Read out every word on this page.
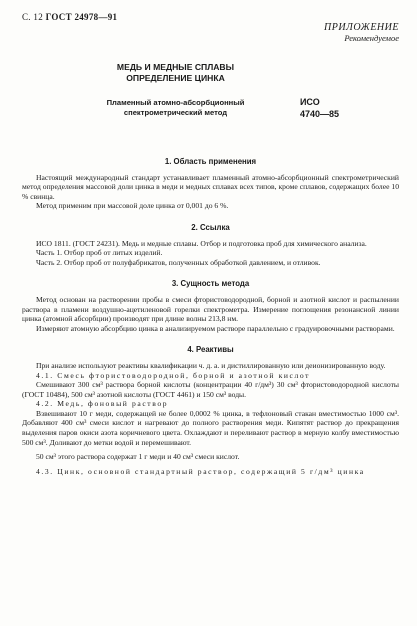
С. 12 ГОСТ 24978—91
ПРИЛОЖЕНИЕ
Рекомендуемое
МЕДЬ И МЕДНЫЕ СПЛАВЫ
ОПРЕДЕЛЕНИЕ ЦИНКА
Пламенный атомно-абсорбционный
спектрометрический метод
ИСО
4740—85
1. Область применения

Настоящий международный стандарт устанавливает пламенный атомно-абсорбционный спектрометрический метод определения массовой доли цинка в меди и медных сплавах всех типов, кроме сплавов, содержащих более 10 % свинца.

Метод применим при массовой доле цинка от 0,001 до 6 %.

2. Ссылка

ИСО 1811. (ГОСТ 24231). Медь и медные сплавы. Отбор и подготовка проб для химического анализа.

Часть 1. Отбор проб от литых изделий.

Часть 2. Отбор проб от полуфабрикатов, полученных обработкой давлением, и отливок.

3. Сущность метода

Метод основан на растворении пробы в смеси фтористоводородной, борной и азотной кислот и распылении раствора в пламени воздушно-ацетиленовой горелки спектрометра. Измерение поглощения резонансной линии цинка (атомной абсорбции) производят при длине волны 213,8 нм.

Измеряют атомную абсорбцию цинка в анализируемом растворе параллельно с градуировочными растворами.

4. Реактивы

При анализе используют реактивы квалификации ч. д. а. и дистиллированную или деионизированную воду.

4.1. Смесь фтористоводородной, борной и азотной кислот

Смешивают 300 см³ раствора борной кислоты (концентрации 40 г/дм³) 30 см³ фтористоводородной кислоты (ГОСТ 10484), 500 см³ азотной кислоты (ГОСТ 4461) и 150 см³ воды.

4.2. Медь, фоновый раствор

Взвешивают 10 г меди, содержащей не более 0,0002 % цинка, в тефлоновый стакан вместимостью 1000 см³. Добавляют 400 см³ смеси кислот и нагревают до полного растворения меди. Кипятят раствор до прекращения выделения паров окиси азота коричневого цвета. Охлаждают и переливают раствор в мерную колбу вместимостью 500 см³. Доливают до метки водой и перемешивают.

50 см³ этого раствора содержат 1 г меди и 40 см³ смеси кислот.

4.3. Цинк, основной стандартный раствор, содержащий 5 г/дм³ цинка
